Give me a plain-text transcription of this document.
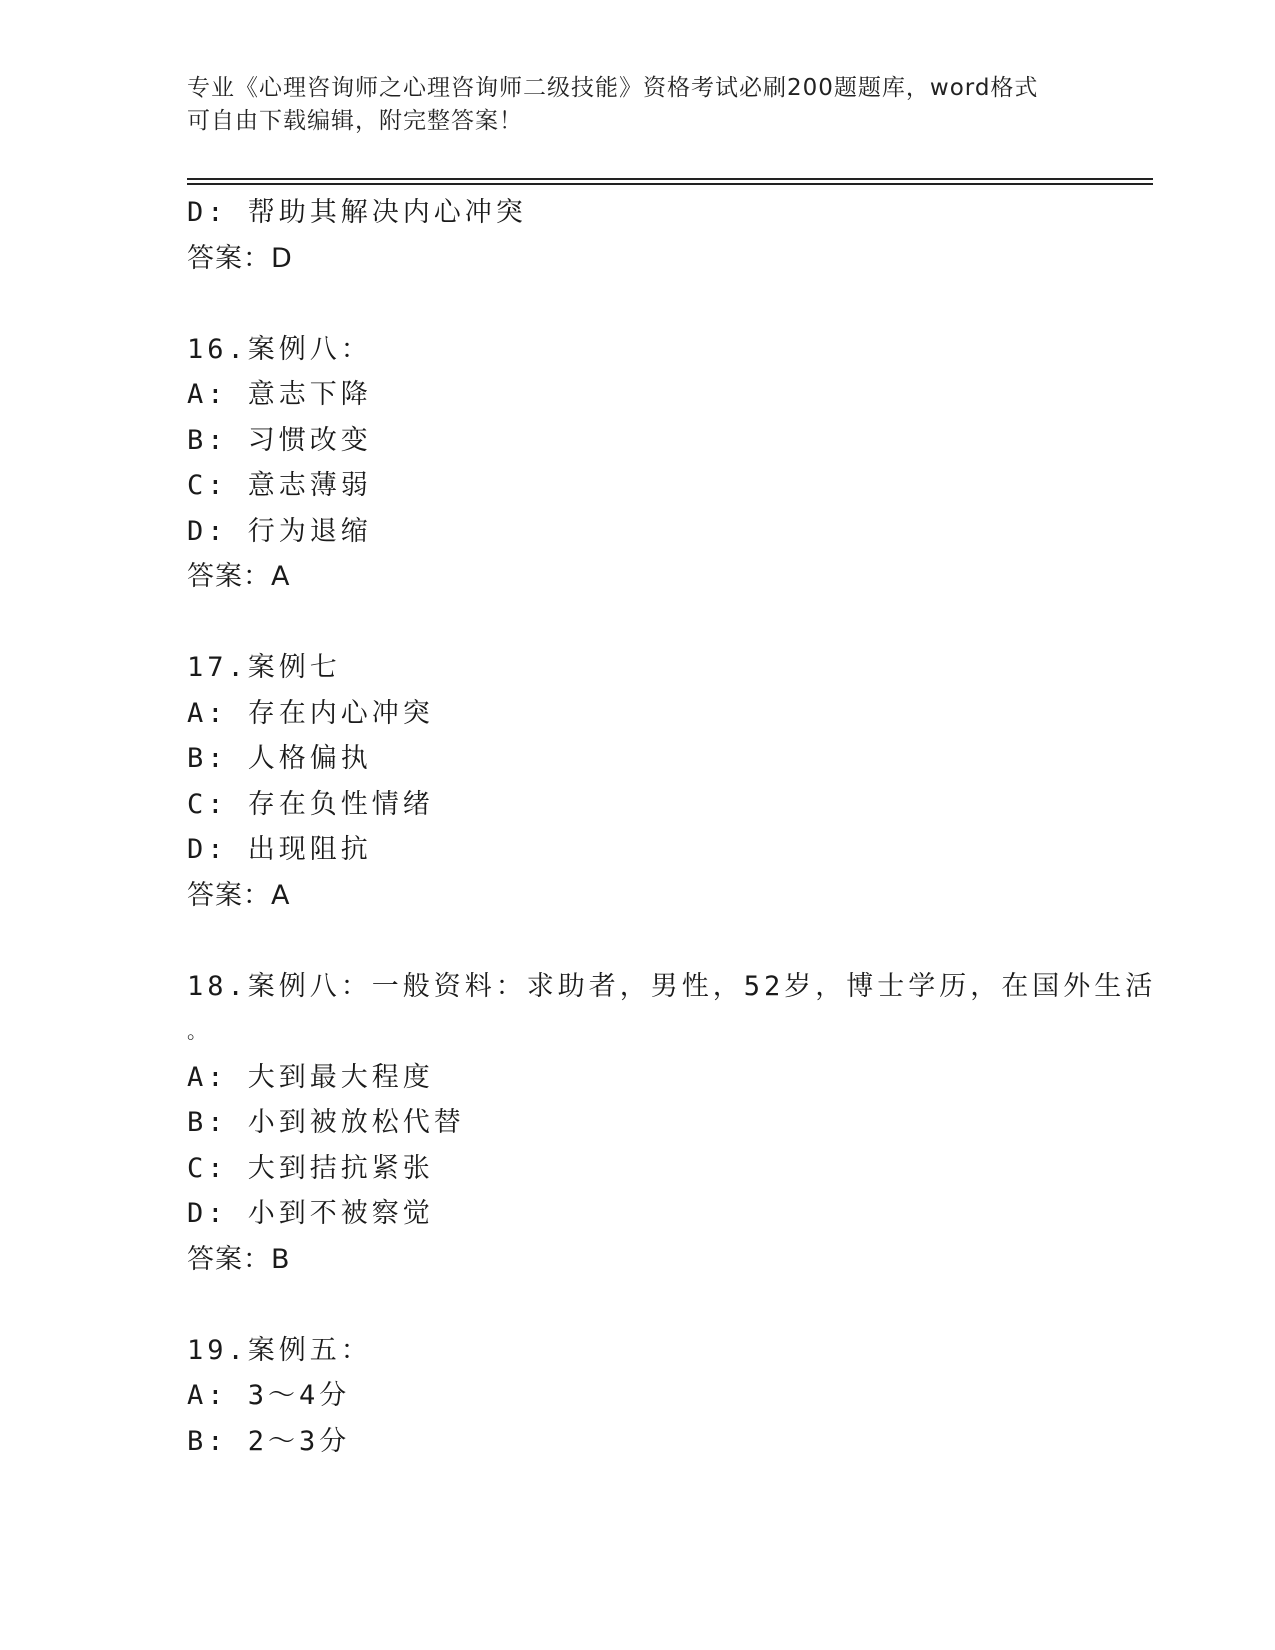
专业《心理咨询师之心理咨询师二级技能》资格考试必刷200题题库，word格式
可自由下载编辑，附完整答案！
D: 帮助其解决内心冲突
答案：D
16.案例八：
A: 意志下降
B: 习惯改变
C: 意志薄弱
D: 行为退缩
答案：A
17.案例七
A: 存在内心冲突
B: 人格偏执
C: 存在负性情绪
D: 出现阻抗
答案：A
18.案例八：一般资料：求助者，男性，52岁，博士学历，在国外生活
。
A: 大到最大程度
B: 小到被放松代替
C: 大到拮抗紧张
D: 小到不被察觉
答案：B
19.案例五：
A: 3～4分
B: 2～3分
